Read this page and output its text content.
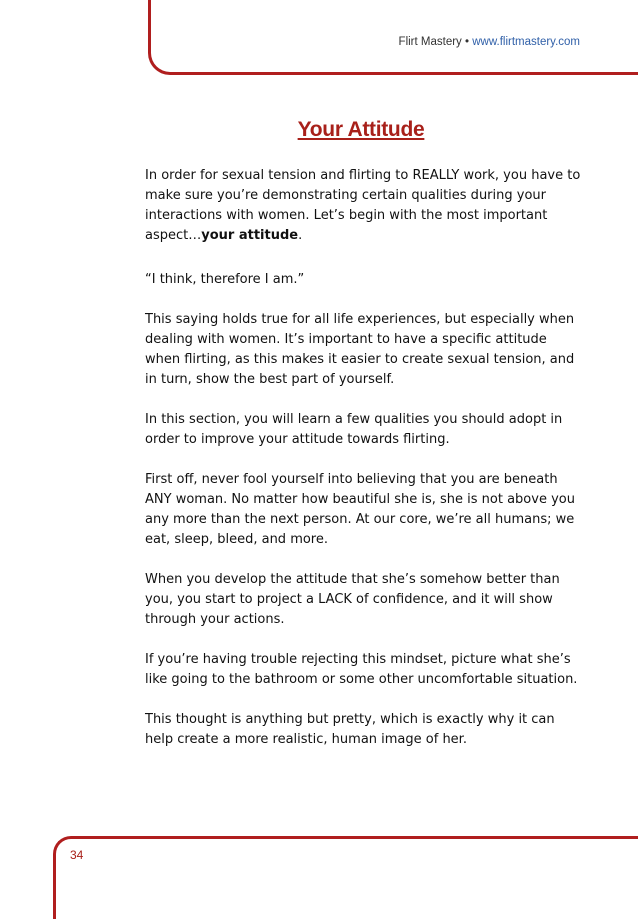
Flirt Mastery • www.flirtmastery.com
Your Attitude

In order for sexual tension and flirting to REALLY work, you have to make sure you’re demonstrating certain qualities during your interactions with women. Let’s begin with the most important aspect…your attitude.

“I think, therefore I am.”

This saying holds true for all life experiences, but especially when dealing with women. It’s important to have a specific attitude when flirting, as this makes it easier to create sexual tension, and in turn, show the best part of yourself.

In this section, you will learn a few qualities you should adopt in order to improve your attitude towards flirting.

First off, never fool yourself into believing that you are beneath ANY woman. No matter how beautiful she is, she is not above you any more than the next person. At our core, we’re all humans; we eat, sleep, bleed, and more.

When you develop the attitude that she’s somehow better than you, you start to project a LACK of confidence, and it will show through your actions.

If you’re having trouble rejecting this mindset, picture what she’s like going to the bathroom or some other uncomfortable situation.

This thought is anything but pretty, which is exactly why it can help create a more realistic, human image of her.

34
